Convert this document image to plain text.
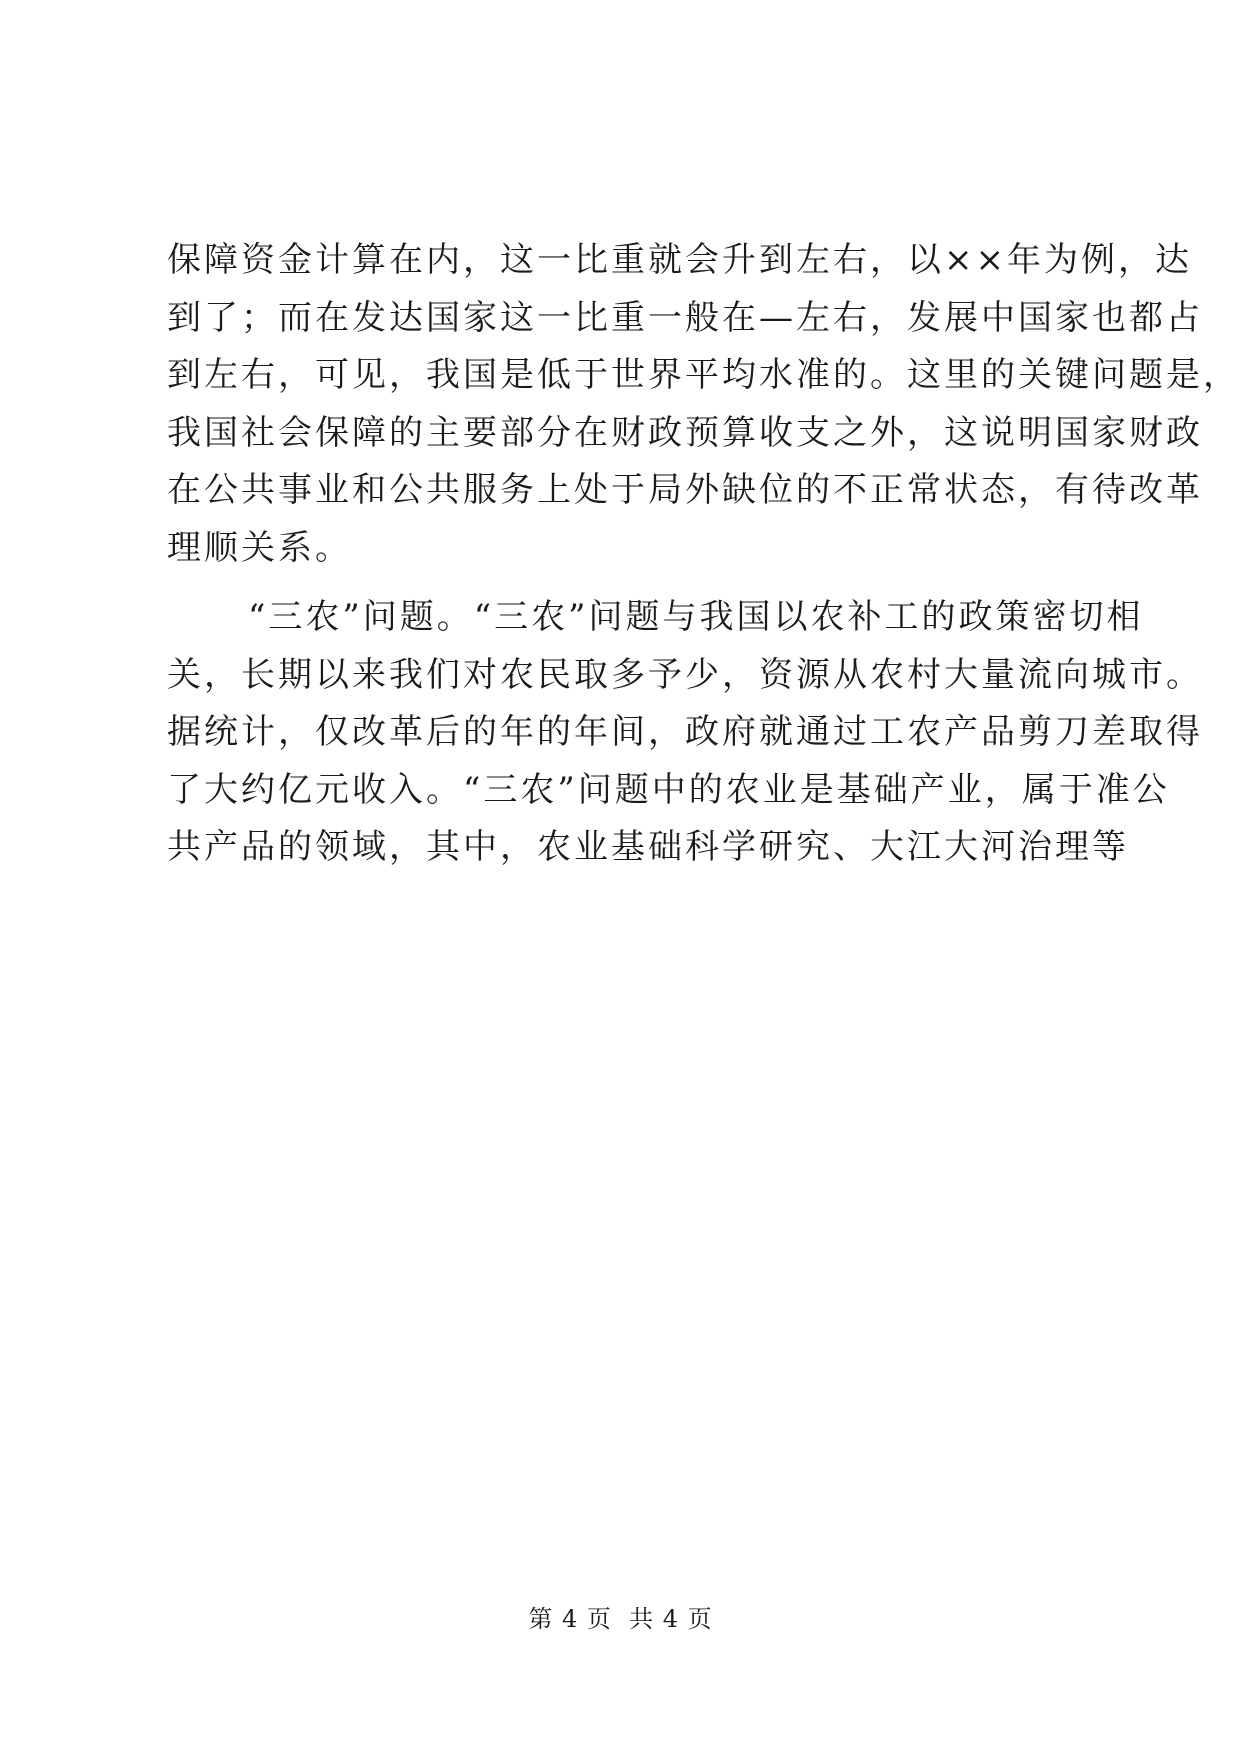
保障资金计算在内，这一比重就会升到左右，以××年为例，达
到了；而在发达国家这一比重一般在—左右，发展中国家也都占
到左右，可见，我国是低于世界平均水准的。这里的关键问题是，
我国社会保障的主要部分在财政预算收支之外，这说明国家财政
在公共事业和公共服务上处于局外缺位的不正常状态，有待改革
理顺关系。
“三农”问题。“三农”问题与我国以农补工的政策密切相
关，长期以来我们对农民取多予少，资源从农村大量流向城市。
据统计，仅改革后的年的年间，政府就通过工农产品剪刀差取得
了大约亿元收入。“三农”问题中的农业是基础产业，属于准公
共产品的领域，其中，农业基础科学研究、大江大河治理等
第 4 页  共 4 页
